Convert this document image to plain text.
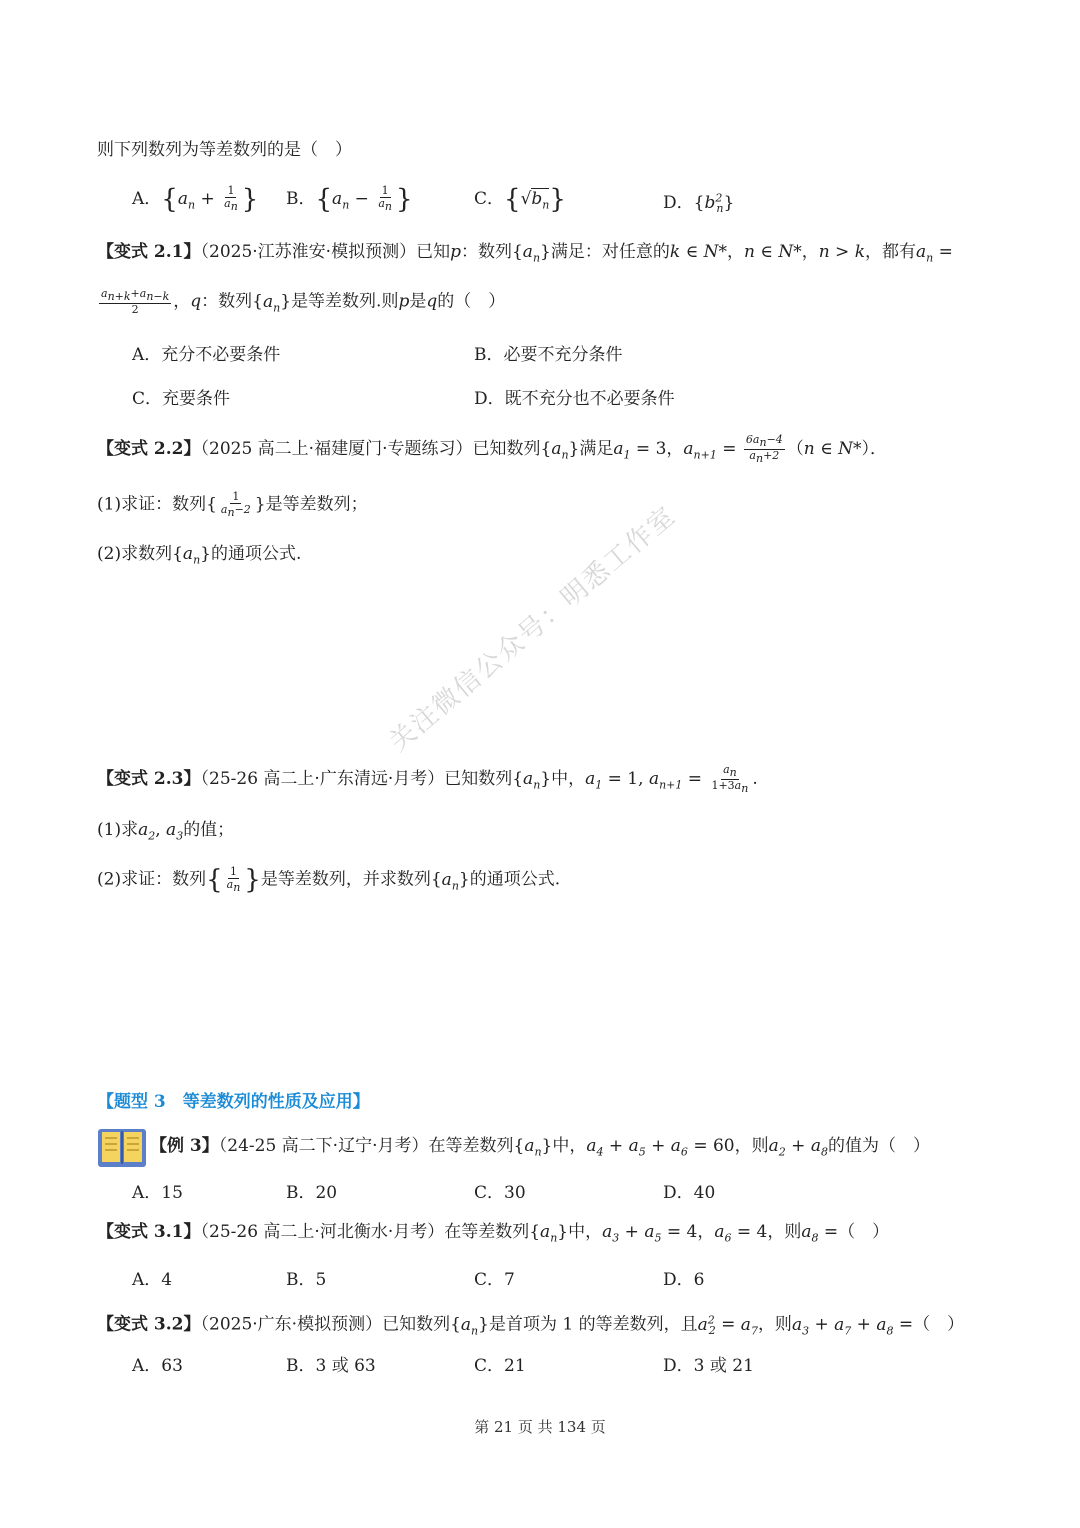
则下列数列为等差数列的是（　）
A．{$a_n + \frac{1}{a_n}$ } B．{$a_n - \frac{1}{a_n}$ }	C．$\{√b_n\}$	D．$\{b^2_n\}$
【变式 2.1】（2025·江苏淮安·模拟预测）已知p：数列$\{a_n\}$满足：对任意的k ∈ N*，n ∈ N*，n > k，都有$a_n$ =
$\frac{a_{n+k}+a_{n-k}}{2}$ ，q：数列$\{a_n\}$是等差数列.则p是q的（　）
A．充分不必要条件	B．必要不充分条件
C．充要条件	D．既不充分也不必要条件
【变式 2.2】（2025 高二上·福建厦门·专题练习）已知数列$\{a_n\}$满足$a_1 = 3$，$a_{n+1} = \frac{6a_n-4}{a_n+2} (n$ ∈ N*）．
(1)求证：数列{ $\frac{1}{a_n-2}$ }是等差数列；
(2)求数列$\{a_n\}$的通项公式.
【变式 2.3】（25-26 高二上·广东清远·月考）已知数列$\{a_n\}$中，$a_1 = 1$, $a_{n+1} = \frac{a_n}{1+3a_n}$ .
(1)求$a_2$, $a_3$的值；
(2)求证：数列{ $\frac{1}{a_n}$ }是等差数列，并求数列$\{a_n\}$的通项公式.
关注微信公众号：明悉工作室
【题型 3　等差数列的性质及应用】
【例 3】（24-25 高二下·辽宁·月考）在等差数列$\{a_n\}$中，$a_4 + a_5 + a_6 = 60$，则$a_2 + a_8$的值为（　）
A．15	B．20	C．30	D．40
【变式 3.1】（25-26 高二上·河北衡水·月考）在等差数列$\{a_n\}$中，$a_3 + a_5 = 4$，$a_6 = 4$，则$a_8$ =（　）
A．4	B．5	C．7	D．6
【变式 3.2】（2025·广东·模拟预测）已知数列$\{a_n\}$是首项为 1 的等差数列，且$a^2_2 = a_7$，则$a_3 + a_7 + a_8$ =（　）
A．63	B．3 或 63	C．21	D．3 或 21
第 21 页 共 134 页
